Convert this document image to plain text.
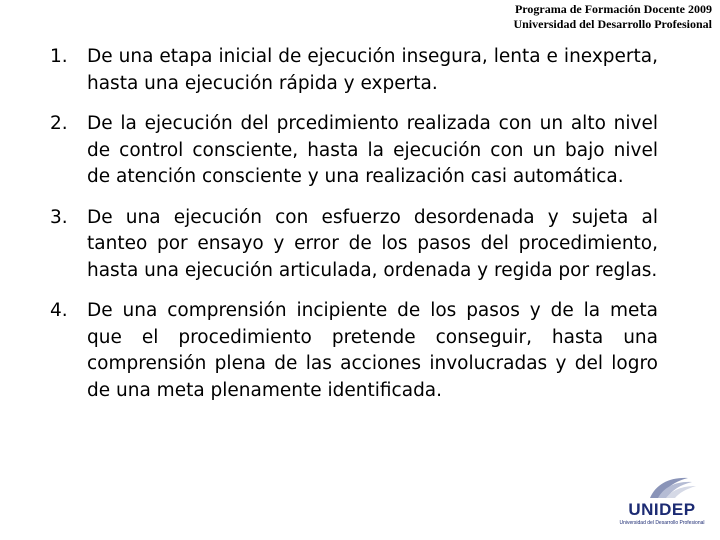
Programa de Formación Docente 2009
Universidad del Desarrollo Profesional
1. De una etapa inicial de ejecución insegura, lenta e inexperta, hasta una ejecución rápida y experta.
2. De la ejecución del prcedimiento realizada con un alto nivel de control consciente, hasta la ejecución con un bajo nivel de atención consciente y una realización casi automática.
3. De una ejecución con esfuerzo desordenada y sujeta al tanteo por ensayo y error de los pasos del procedimiento, hasta una ejecución articulada, ordenada y regida por reglas.
4. De una comprensión incipiente de los pasos y de la meta que el procedimiento pretende conseguir, hasta una comprensión plena de las acciones involucradas y del logro de una meta plenamente identificada.
UNIDEP
Universidad del Desarrollo Profesional
